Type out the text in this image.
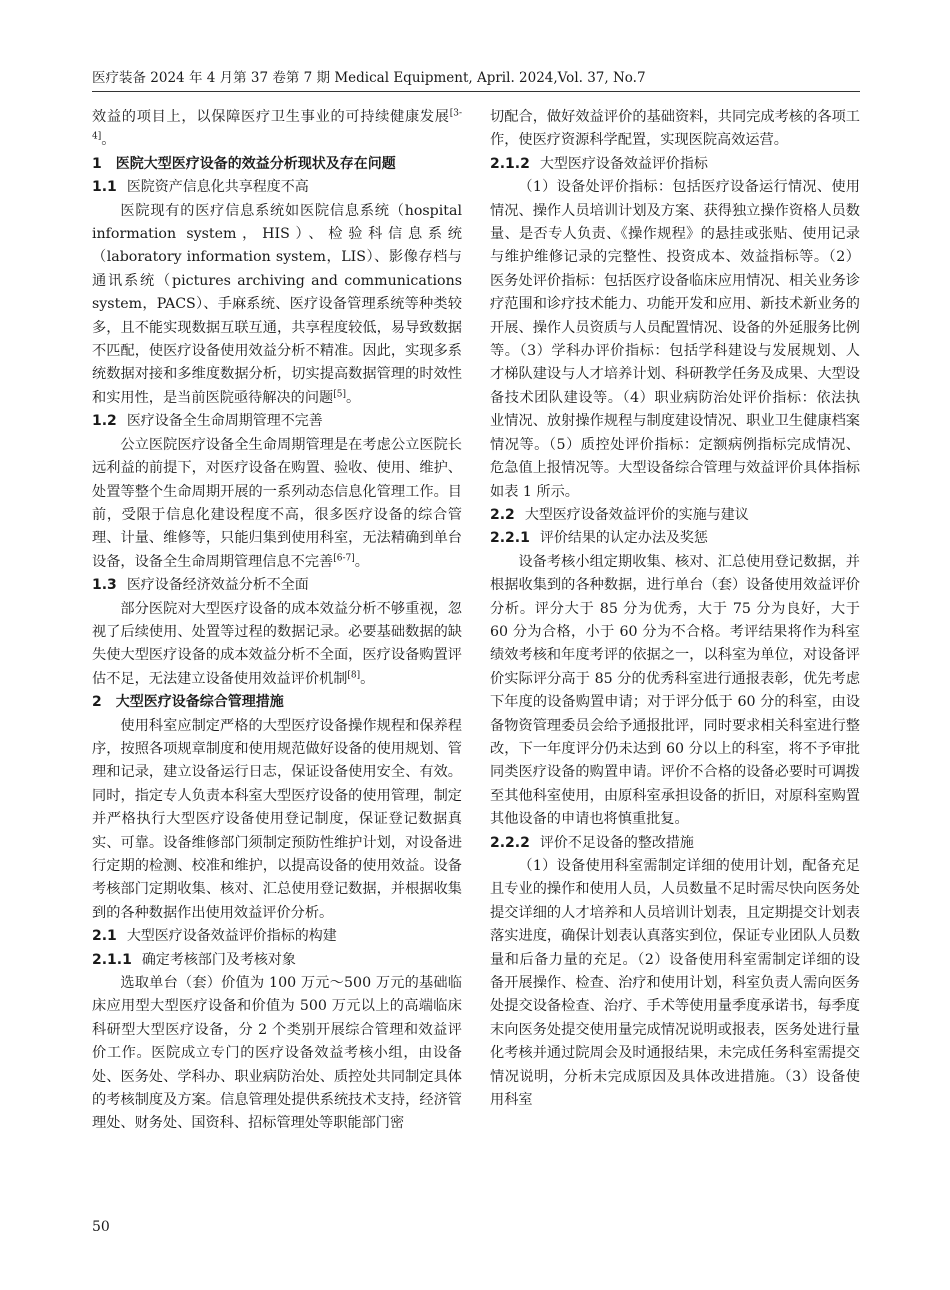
医疗装备 2024 年 4 月第 37 卷第 7 期 Medical Equipment, April. 2024,Vol. 37, No.7

效益的项目上，以保障医疗卫生事业的可持续健康发展[3-4]。

1　医院大型医疗设备的效益分析现状及存在问题
1.1 医院资产信息化共享程度不高

医院现有的医疗信息系统如医院信息系统（hospital information system，HIS）、检验科信息系统（laboratory information system，LIS）、影像存档与通讯系统（pictures archiving and communications system，PACS）、手麻系统、医疗设备管理系统等种类较多，且不能实现数据互联互通，共享程度较低，易导致数据不匹配，使医疗设备使用效益分析不精准。因此，实现多系统数据对接和多维度数据分析，切实提高数据管理的时效性和实用性，是当前医院亟待解决的问题[5]。

1.2 医疗设备全生命周期管理不完善

公立医院医疗设备全生命周期管理是在考虑公立医院长远利益的前提下，对医疗设备在购置、验收、使用、维护、处置等整个生命周期开展的一系列动态信息化管理工作。目前，受限于信息化建设程度不高，很多医疗设备的综合管理、计量、维修等，只能归集到使用科室，无法精确到单台设备，设备全生命周期管理信息不完善[6-7]。

1.3 医疗设备经济效益分析不全面

部分医院对大型医疗设备的成本效益分析不够重视，忽视了后续使用、处置等过程的数据记录。必要基础数据的缺失使大型医疗设备的成本效益分析不全面，医疗设备购置评估不足，无法建立设备使用效益评价机制[8]。

2　大型医疗设备综合管理措施

使用科室应制定严格的大型医疗设备操作规程和保养程序，按照各项规章制度和使用规范做好设备的使用规划、管理和记录，建立设备运行日志，保证设备使用安全、有效。同时，指定专人负责本科室大型医疗设备的使用管理，制定并严格执行大型医疗设备使用登记制度，保证登记数据真实、可靠。设备维修部门须制定预防性维护计划，对设备进行定期的检测、校准和维护，以提高设备的使用效益。设备考核部门定期收集、核对、汇总使用登记数据，并根据收集到的各种数据作出使用效益评价分析。

2.1 大型医疗设备效益评价指标的构建
2.1.1 确定考核部门及考核对象

选取单台（套）价值为 100 万元～500 万元的基础临床应用型大型医疗设备和价值为 500 万元以上的高端临床科研型大型医疗设备，分 2 个类别开展综合管理和效益评价工作。医院成立专门的医疗设备效益考核小组，由设备处、医务处、学科办、职业病防治处、质控处共同制定具体的考核制度及方案。信息管理处提供系统技术支持，经济管理处、财务处、国资科、招标管理处等职能部门密

切配合，做好效益评价的基础资料，共同完成考核的各项工作，使医疗资源科学配置，实现医院高效运营。

2.1.2 大型医疗设备效益评价指标

（1）设备处评价指标：包括医疗设备运行情况、使用情况、操作人员培训计划及方案、获得独立操作资格人员数量、是否专人负责、《操作规程》的悬挂或张贴、使用记录与维护维修记录的完整性、投资成本、效益指标等。（2）医务处评价指标：包括医疗设备临床应用情况、相关业务诊疗范围和诊疗技术能力、功能开发和应用、新技术新业务的开展、操作人员资质与人员配置情况、设备的外延服务比例等。（3）学科办评价指标：包括学科建设与发展规划、人才梯队建设与人才培养计划、科研教学任务及成果、大型设备技术团队建设等。（4）职业病防治处评价指标：依法执业情况、放射操作规程与制度建设情况、职业卫生健康档案情况等。（5）质控处评价指标：定额病例指标完成情况、危急值上报情况等。大型设备综合管理与效益评价具体指标如表 1 所示。

2.2 大型医疗设备效益评价的实施与建议
2.2.1 评价结果的认定办法及奖惩

设备考核小组定期收集、核对、汇总使用登记数据，并根据收集到的各种数据，进行单台（套）设备使用效益评价分析。评分大于 85 分为优秀，大于 75 分为良好，大于 60 分为合格，小于 60 分为不合格。考评结果将作为科室绩效考核和年度考评的依据之一，以科室为单位，对设备评价实际评分高于 85 分的优秀科室进行通报表彰，优先考虑下年度的设备购置申请；对于评分低于 60 分的科室，由设备物资管理委员会给予通报批评，同时要求相关科室进行整改，下一年度评分仍未达到 60 分以上的科室，将不予审批同类医疗设备的购置申请。评价不合格的设备必要时可调拨至其他科室使用，由原科室承担设备的折旧，对原科室购置其他设备的申请也将慎重批复。

2.2.2 评价不足设备的整改措施

（1）设备使用科室需制定详细的使用计划，配备充足且专业的操作和使用人员，人员数量不足时需尽快向医务处提交详细的人才培养和人员培训计划表，且定期提交计划表落实进度，确保计划表认真落实到位，保证专业团队人员数量和后备力量的充足。（2）设备使用科室需制定详细的设备开展操作、检查、治疗和使用计划，科室负责人需向医务处提交设备检查、治疗、手术等使用量季度承诺书，每季度末向医务处提交使用量完成情况说明或报表，医务处进行量化考核并通过院周会及时通报结果，未完成任务科室需提交情况说明，分析未完成原因及具体改进措施。（3）设备使用科室

50
